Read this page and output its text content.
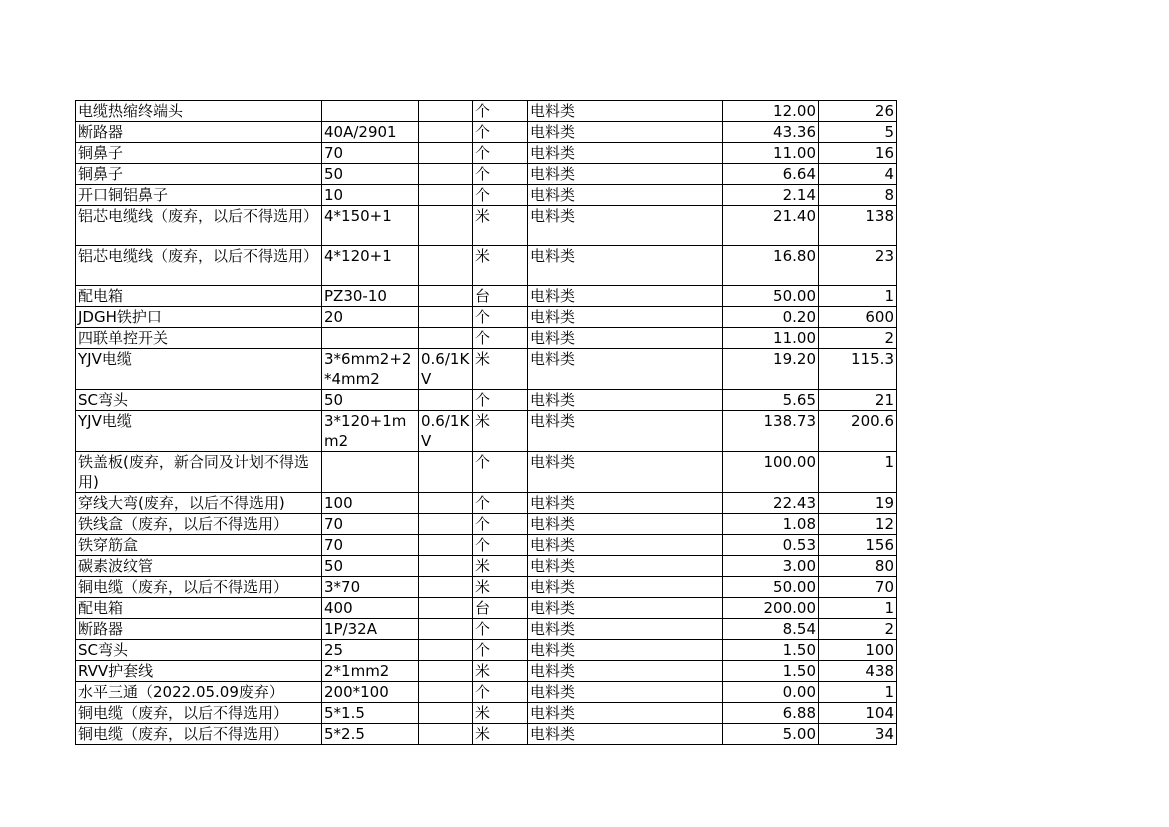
电缆热缩终端头			个	电料类	12.00	26
断路器	40A/2901		个	电料类	43.36	5
铜鼻子	70		个	电料类	11.00	16
铜鼻子	50		个	电料类	6.64	4
开口铜铝鼻子	10		个	电料类	2.14	8
铝芯电缆线（废弃，以后不得选用）	4*150+1		米	电料类	21.40	138
铝芯电缆线（废弃，以后不得选用）	4*120+1		米	电料类	16.80	23
配电箱	PZ30-10		台	电料类	50.00	1
JDGH铁护口	20		个	电料类	0.20	600
四联单控开关			个	电料类	11.00	2
YJV电缆	3*6mm2+2*4mm2	0.6/1KV	米	电料类	19.20	115.3
SC弯头	50		个	电料类	5.65	21
YJV电缆	3*120+1mm2	0.6/1KV	米	电料类	138.73	200.6
铁盖板(废弃，新合同及计划不得选用)			个	电料类	100.00	1
穿线大弯(废弃，以后不得选用)	100		个	电料类	22.43	19
铁线盒（废弃，以后不得选用）	70		个	电料类	1.08	12
铁穿筋盒	70		个	电料类	0.53	156
碳素波纹管	50		米	电料类	3.00	80
铜电缆（废弃，以后不得选用）	3*70		米	电料类	50.00	70
配电箱	400		台	电料类	200.00	1
断路器	1P/32A		个	电料类	8.54	2
SC弯头	25		个	电料类	1.50	100
RVV护套线	2*1mm2		米	电料类	1.50	438
水平三通（2022.05.09废弃）	200*100		个	电料类	0.00	1
铜电缆（废弃，以后不得选用）	5*1.5		米	电料类	6.88	104
铜电缆（废弃，以后不得选用）	5*2.5		米	电料类	5.00	34
